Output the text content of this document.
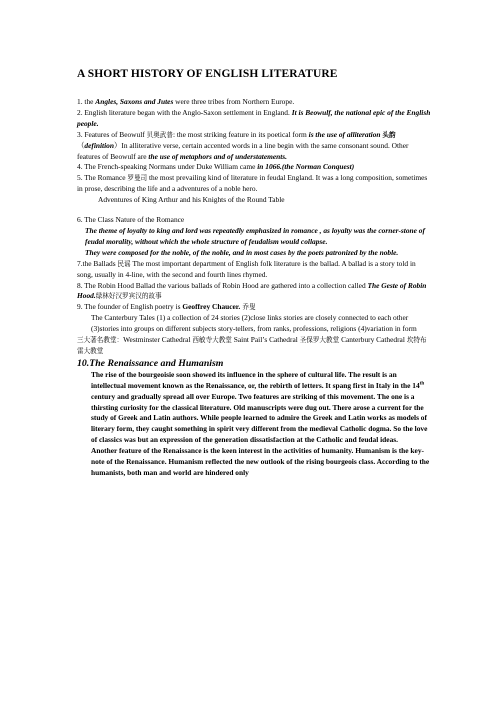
A SHORT HISTORY OF ENGLISH LITERATURE

1. the Angles, Saxons and Jutes were three tribes from Northern Europe.

2. English literature began with the Anglo-Saxon settlement in England. It is Beowulf, the national epic of the English people.

3. Features of Beowulf 贝奥武普: the most striking feature in its poetical form is the use of alliteration 头韵（definition）In alliterative verse, certain accented words in a line begin with the same consonant sound. Other features of Beowulf are the use of metaphors and of understatements.

4. The French-speaking Normans under Duke William came in 1066.(the Norman Conquest)

5. The Romance 罗曼司 the most prevailing kind of literature in feudal England. It was a long composition, sometimes in prose, describing the life and a adventures of a noble hero.

Adventures of King Arthur and his Knights of the Round Table

6. The Class Nature of the Romance

The theme of loyalty to king and lord was repeatedly emphasized in romance , as loyalty was the corner-stone of feudal morality, without which the whole structure of feudalism would collapse.

They were composed for the noble, of the noble, and in most cases by the poets patronized by the noble.

7.the Ballads 民谣 The most important department of English folk literature is the ballad. A ballad is a story told in song, usually in 4-line, with the second and fourth lines rhymed.

8. The Robin Hood Ballad the various ballads of Robin Hood are gathered into a collection called The Geste of Robin Hood.绿林好汉罗宾汉的故事

9. The founder of English poetry is Geoffrey Chaucer. 乔叟

The Canterbury Tales (1) a collection of 24 stories (2)close links stories are closely connected to each other (3)stories into groups on different subjects story-tellers, from ranks, professions, religions (4)variation in form

三大著名教堂：Westminster Cathedral 西敏寺大教堂 Saint Pail’s Cathedral 圣保罗大教堂 Canterbury Cathedral 坎特布雷大教堂

10.The Renaissance and Humanism

The rise of the bourgeoisie soon showed its influence in the sphere of cultural life. The result is an intellectual movement known as the Renaissance, or, the rebirth of letters. It spang first in Italy in the 14th century and gradually spread all over Europe. Two features are striking of this movement. The one is a thirsting curiosity for the classical literature. Old manuscripts were dug out. There arose a current for the study of Greek and Latin authors. While people learned to admire the Greek and Latin works as models of literary form, they caught something in spirit very different from the medieval Catholic dogma. So the love of classics was but an expression of the generation dissatisfaction at the Catholic and feudal ideas.

Another feature of the Renaissance is the keen interest in the activities of humanity. Humanism is the key-note of the Renaissance. Humanism reflected the new outlook of the rising bourgeois class. According to the humanists, both man and world are hindered only
